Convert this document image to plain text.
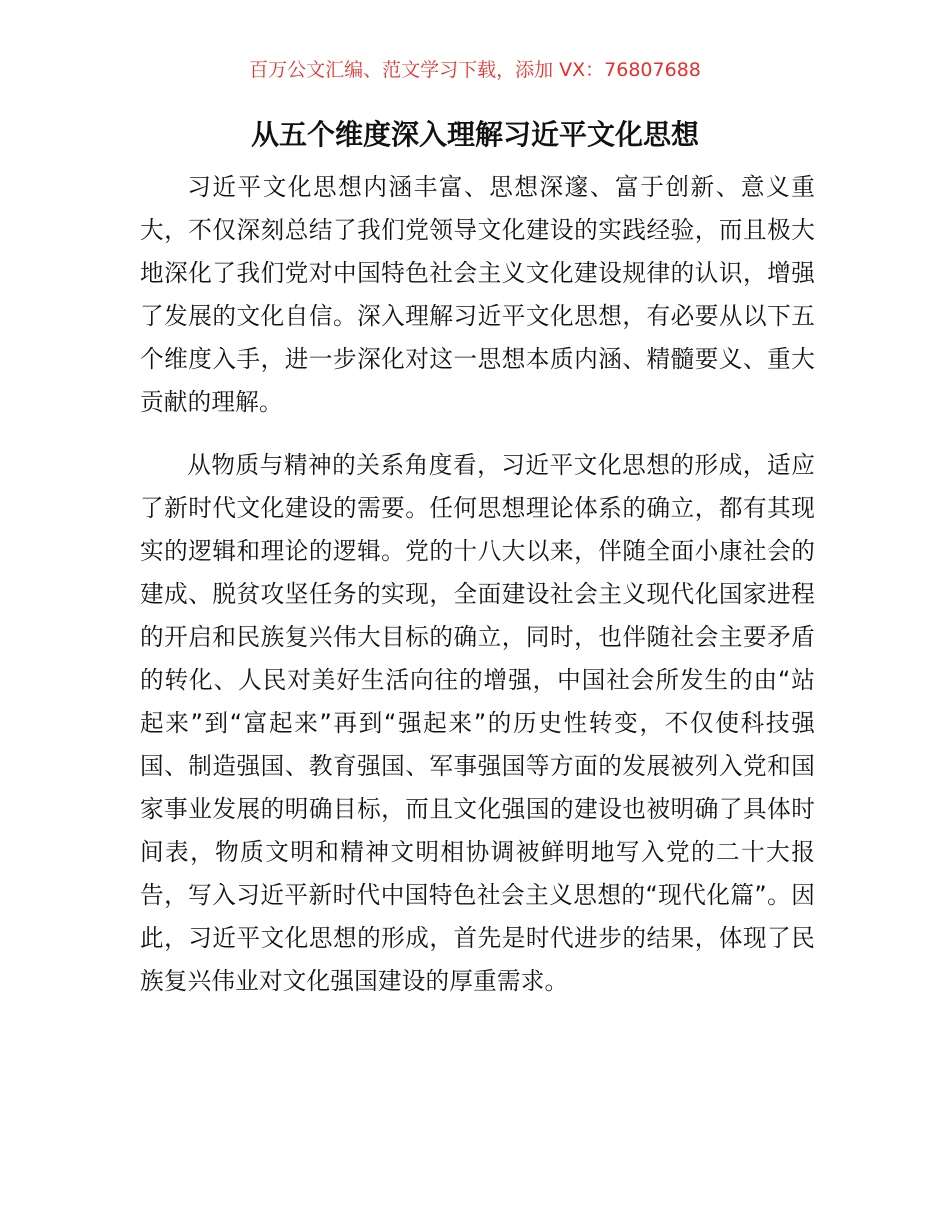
百万公文汇编、范文学习下载，添加 VX：76807688
从五个维度深入理解习近平文化思想

习近平文化思想内涵丰富、思想深邃、富于创新、意义重大，不仅深刻总结了我们党领导文化建设的实践经验，而且极大地深化了我们党对中国特色社会主义文化建设规律的认识，增强了发展的文化自信。深入理解习近平文化思想，有必要从以下五个维度入手，进一步深化对这一思想本质内涵、精髓要义、重大贡献的理解。

从物质与精神的关系角度看，习近平文化思想的形成，适应了新时代文化建设的需要。任何思想理论体系的确立，都有其现实的逻辑和理论的逻辑。党的十八大以来，伴随全面小康社会的建成、脱贫攻坚任务的实现，全面建设社会主义现代化国家进程的开启和民族复兴伟大目标的确立，同时，也伴随社会主要矛盾的转化、人民对美好生活向往的增强，中国社会所发生的由“站起来”到“富起来”再到“强起来”的历史性转变，不仅使科技强国、制造强国、教育强国、军事强国等方面的发展被列入党和国家事业发展的明确目标，而且文化强国的建设也被明确了具体时间表，物质文明和精神文明相协调被鲜明地写入党的二十大报告，写入习近平新时代中国特色社会主义思想的“现代化篇”。因此，习近平文化思想的形成，首先是时代进步的结果，体现了民族复兴伟业对文化强国建设的厚重需求。
